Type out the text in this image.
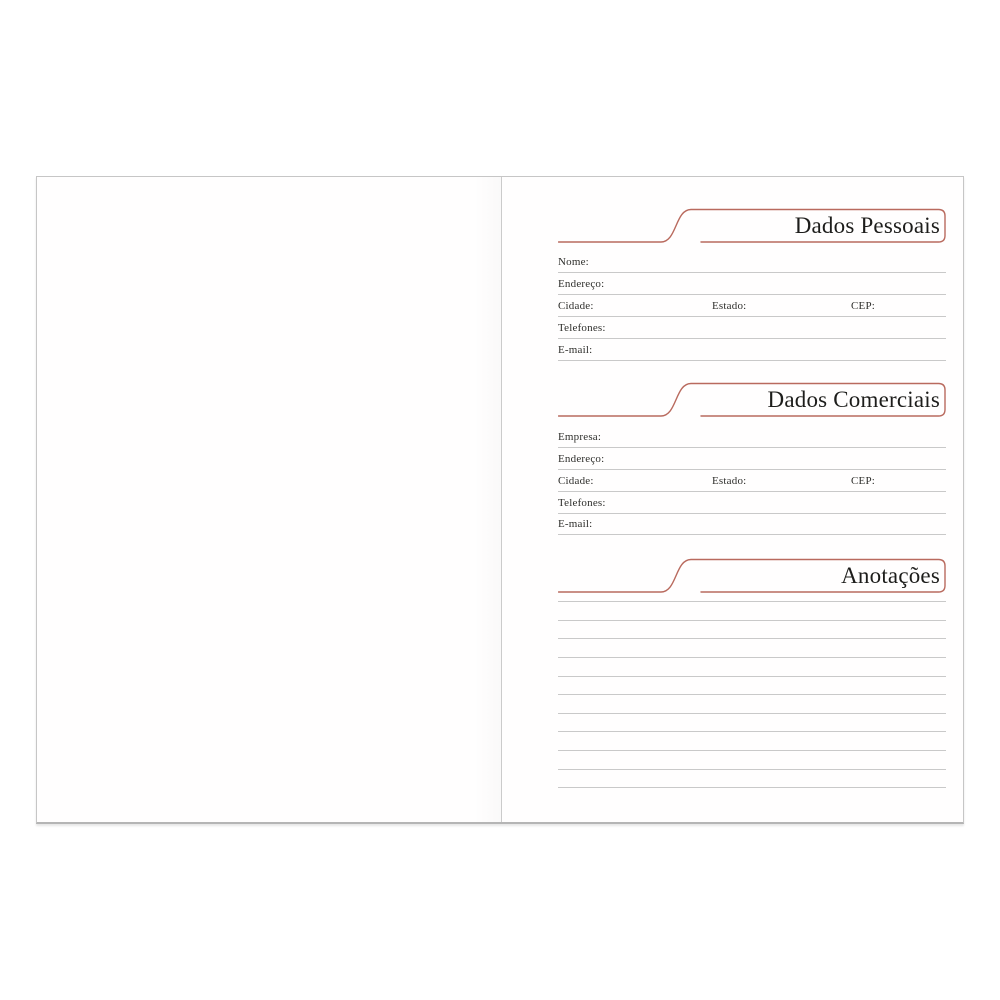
Dados Pessoais
Nome:
Endereço:
Cidade:	Estado:	CEP:
Telefones:
E-mail:
Dados Comerciais
Empresa:
Endereço:
Cidade:	Estado:	CEP:
Telefones:
E-mail:
Anotações
